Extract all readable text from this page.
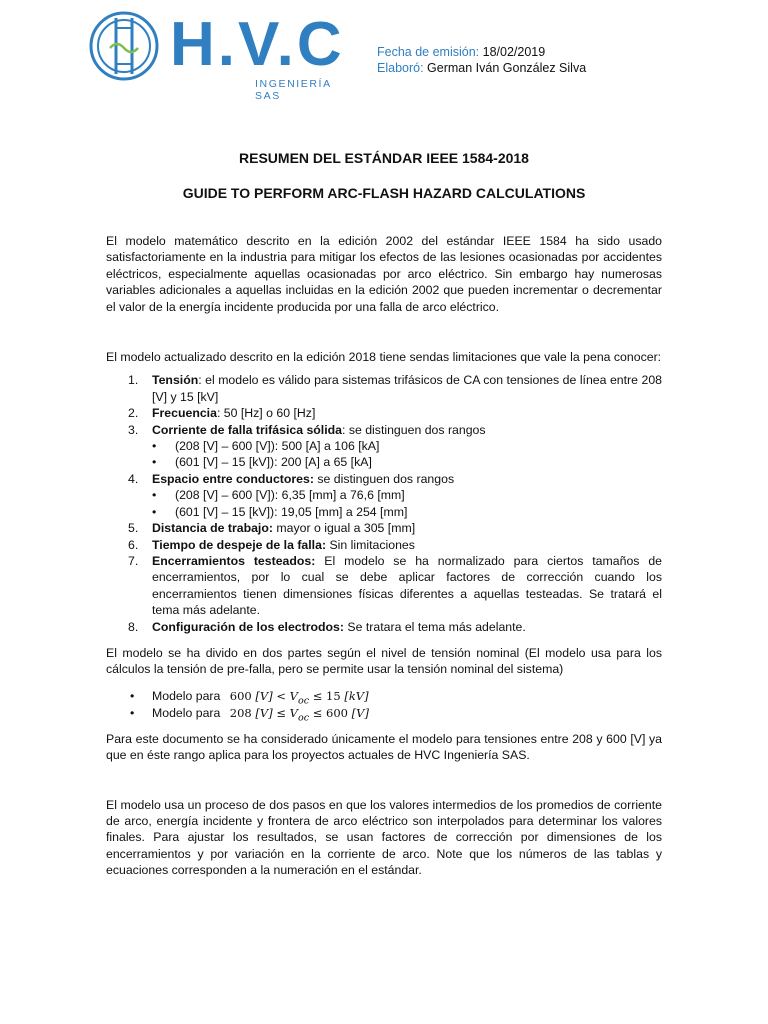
H.V.C
INGENIERÍA SAS
Fecha de emisión: 18/02/2019
Elaboró: German Iván González Silva
RESUMEN DEL ESTÁNDAR IEEE 1584-2018
GUIDE TO PERFORM ARC-FLASH HAZARD CALCULATIONS

El modelo matemático descrito en la edición 2002 del estándar IEEE 1584 ha sido usado satisfactoriamente en la industria para mitigar los efectos de las lesiones ocasionadas por accidentes eléctricos, especialmente aquellas ocasionadas por arco eléctrico. Sin embargo hay numerosas variables adicionales a aquellas incluidas en la edición 2002 que pueden incrementar o decrementar el valor de la energía incidente producida por una falla de arco eléctrico.

El modelo actualizado descrito en la edición 2018 tiene sendas limitaciones que vale la pena conocer:

1. Tensión: el modelo es válido para sistemas trifásicos de CA con tensiones de línea entre 208 [V] y 15 [kV]
2. Frecuencia: 50 [Hz] o 60 [Hz]
3. Corriente de falla trifásica sólida: se distinguen dos rangos
• (208 [V] – 600 [V]): 500 [A] a 106 [kA]
• (601 [V] – 15 [kV]): 200 [A] a 65 [kA]
4. Espacio entre conductores: se distinguen dos rangos
• (208 [V] – 600 [V]): 6,35 [mm] a 76,6 [mm]
• (601 [V] – 15 [kV]): 19,05 [mm] a 254 [mm]
5. Distancia de trabajo: mayor o igual a 305 [mm]
6. Tiempo de despeje de la falla: Sin limitaciones
7. Encerramientos testeados: El modelo se ha normalizado para ciertos tamaños de encerramientos, por lo cual se debe aplicar factores de corrección cuando los encerramientos tienen dimensiones físicas diferentes a aquellas testeadas. Se tratará el tema más adelante.
8. Configuración de los electrodos: Se tratara el tema más adelante.

El modelo se ha divido en dos partes según el nivel de tensión nominal (El modelo usa para los cálculos la tensión de pre-falla, pero se permite usar la tensión nominal del sistema)

• Modelo para 600 $[V] < V_{oc} \le 15$ [kV]
• Modelo para 208 $[V] \le V_{oc} \le 600$ [V]

Para este documento se ha considerado únicamente el modelo para tensiones entre 208 y 600 [V] ya que en éste rango aplica para los proyectos actuales de HVC Ingeniería SAS.

El modelo usa un proceso de dos pasos en que los valores intermedios de los promedios de corriente de arco, energía incidente y frontera de arco eléctrico son interpolados para determinar los valores finales. Para ajustar los resultados, se usan factores de corrección por dimensiones de los encerramientos y por variación en la corriente de arco. Note que los números de las tablas y ecuaciones corresponden a la numeración en el estándar.
